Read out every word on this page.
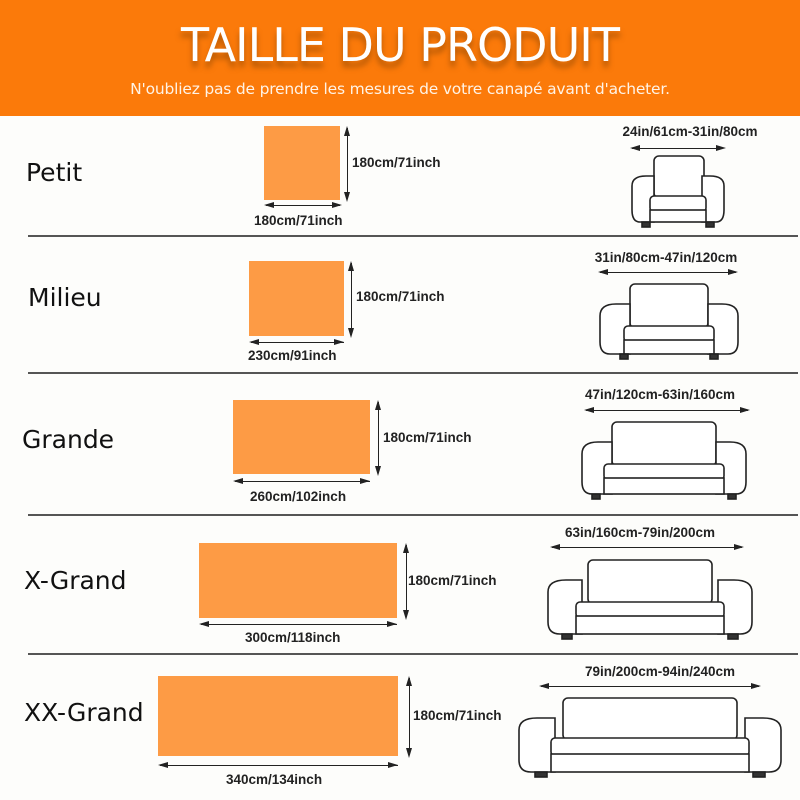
TAILLE DU PRODUIT
N'oubliez pas de prendre les mesures de votre canapé avant d'acheter.
Petit	180cm/71inch
180cm/71inch
24in/61cm-31in/80cm
Milieu	180cm/71inch
230cm/91inch
31in/80cm-47in/120cm
Grande	180cm/71inch
260cm/102inch
47in/120cm-63in/160cm
X-Grand	180cm/71inch
300cm/118inch
63in/160cm-79in/200cm
XX-Grand	180cm/71inch
340cm/134inch
79in/200cm-94in/240cm
